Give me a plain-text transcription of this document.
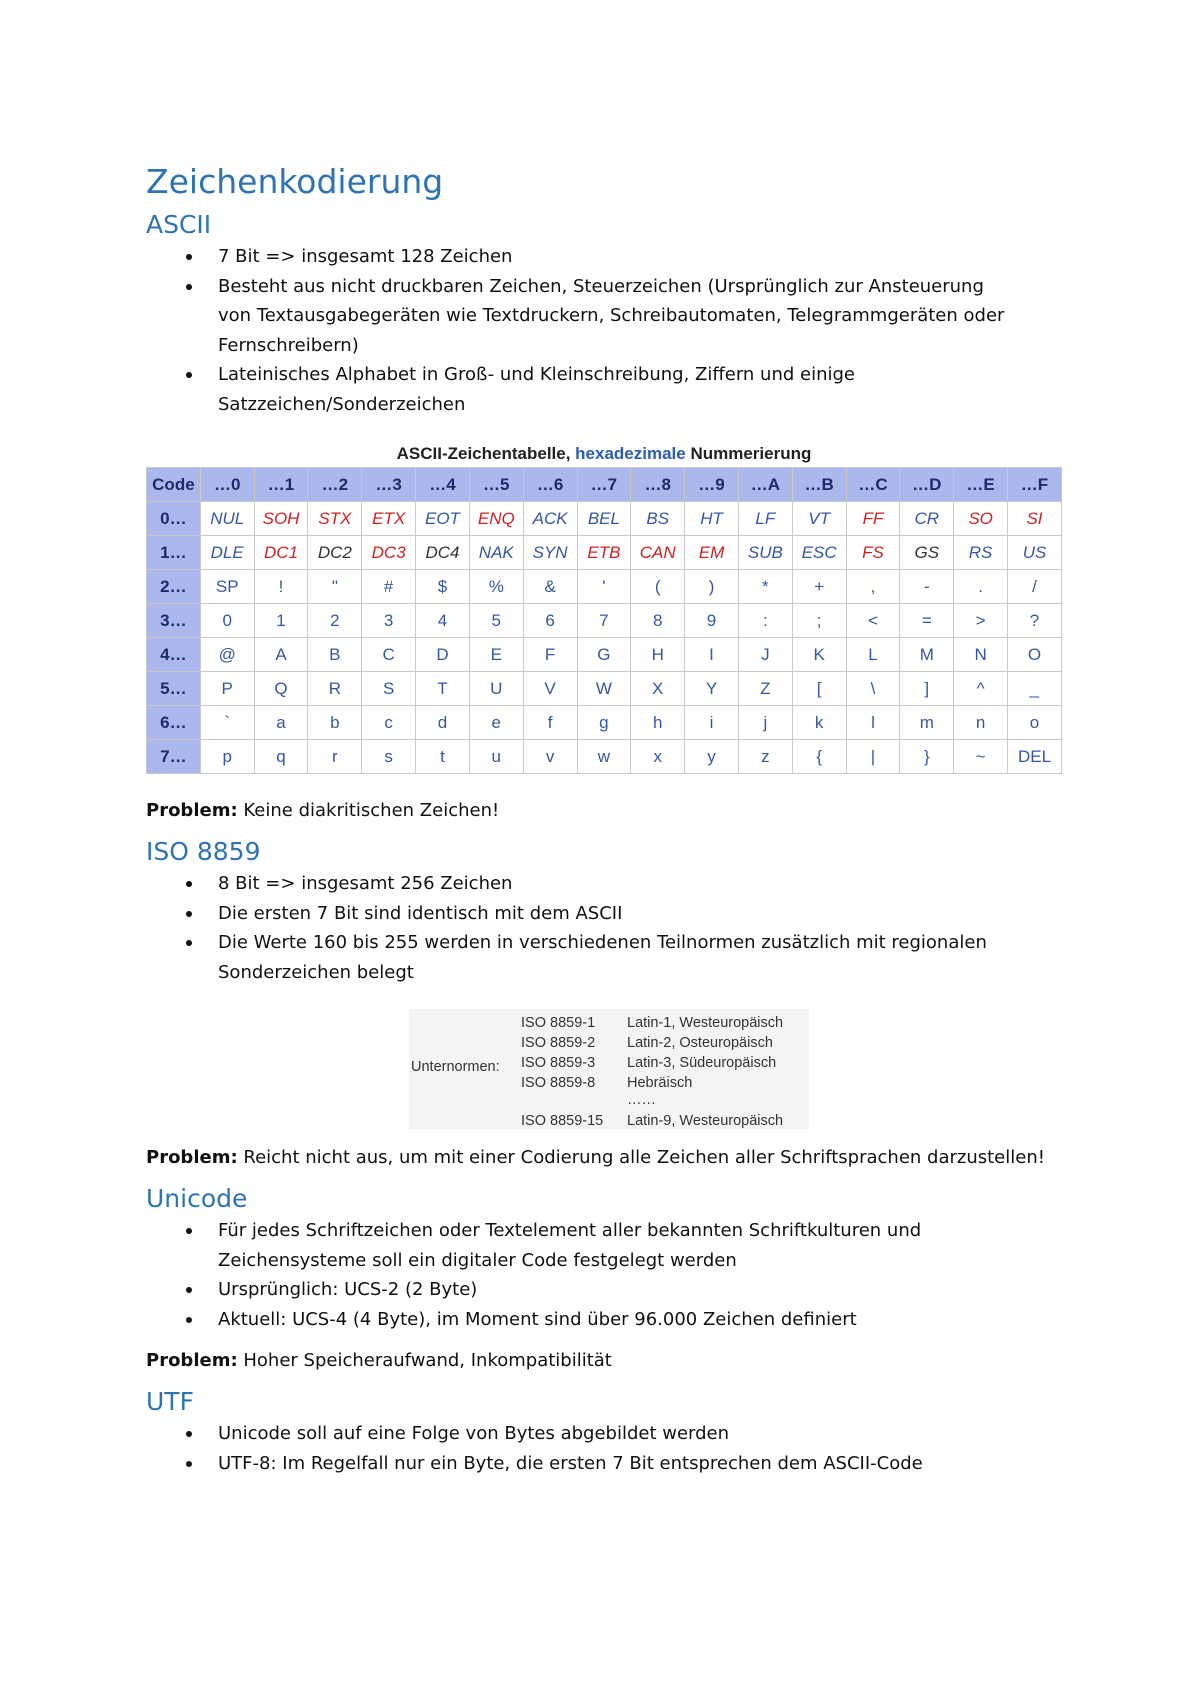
Zeichenkodierung
ASCII
7 Bit => insgesamt 128 Zeichen
Besteht aus nicht druckbaren Zeichen, Steuerzeichen (Ursprünglich zur Ansteuerung von Textausgabegeräten wie Textdruckern, Schreibautomaten, Telegrammgeräten oder Fernschreibern)
Lateinisches Alphabet in Groß- und Kleinschreibung, Ziffern und einige Satzzeichen/Sonderzeichen
ASCII-Zeichentabelle, hexadezimale Nummerierung
Code	…0	…1	…2	…3	…4	…5	…6	…7	…8	…9	…A	…B	…C	…D	…E	…F
0…	NUL	SOH	STX	ETX	EOT	ENQ	ACK	BEL	BS	HT	LF	VT	FF	CR	SO	SI
1…	DLE	DC1	DC2	DC3	DC4	NAK	SYN	ETB	CAN	EM	SUB	ESC	FS	GS	RS	US
2…	SP	!	"	#	$	%	&	'	(	)	*	+	,	-	.	/
3…	0	1	2	3	4	5	6	7	8	9	:	;	<	=	>	?
4…	@	A	B	C	D	E	F	G	H	I	J	K	L	M	N	O
5…	P	Q	R	S	T	U	V	W	X	Y	Z	[	\	]	^	_
6…	`	a	b	c	d	e	f	g	h	i	j	k	l	m	n	o
7…	p	q	r	s	t	u	v	w	x	y	z	{	|	}	~	DEL

Problem: Keine diakritischen Zeichen!

ISO 8859
8 Bit => insgesamt 256 Zeichen
Die ersten 7 Bit sind identisch mit dem ASCII
Die Werte 160 bis 255 werden in verschiedenen Teilnormen zusätzlich mit regionalen Sonderzeichen belegt
Unternormen:
ISO 8859-1 Latin-1, Westeuropäisch
ISO 8859-2 Latin-2, Osteuropäisch
ISO 8859-3 Latin-3, Südeuropäisch
ISO 8859-8 Hebräisch
……
ISO 8859-15 Latin-9, Westeuropäisch

Problem: Reicht nicht aus, um mit einer Codierung alle Zeichen aller Schriftsprachen darzustellen!

Unicode
Für jedes Schriftzeichen oder Textelement aller bekannten Schriftkulturen und Zeichensysteme soll ein digitaler Code festgelegt werden
Ursprünglich: UCS-2 (2 Byte)
Aktuell: UCS-4 (4 Byte), im Moment sind über 96.000 Zeichen definiert

Problem: Hoher Speicheraufwand, Inkompatibilität

UTF
Unicode soll auf eine Folge von Bytes abgebildet werden
UTF-8: Im Regelfall nur ein Byte, die ersten 7 Bit entsprechen dem ASCII-Code
